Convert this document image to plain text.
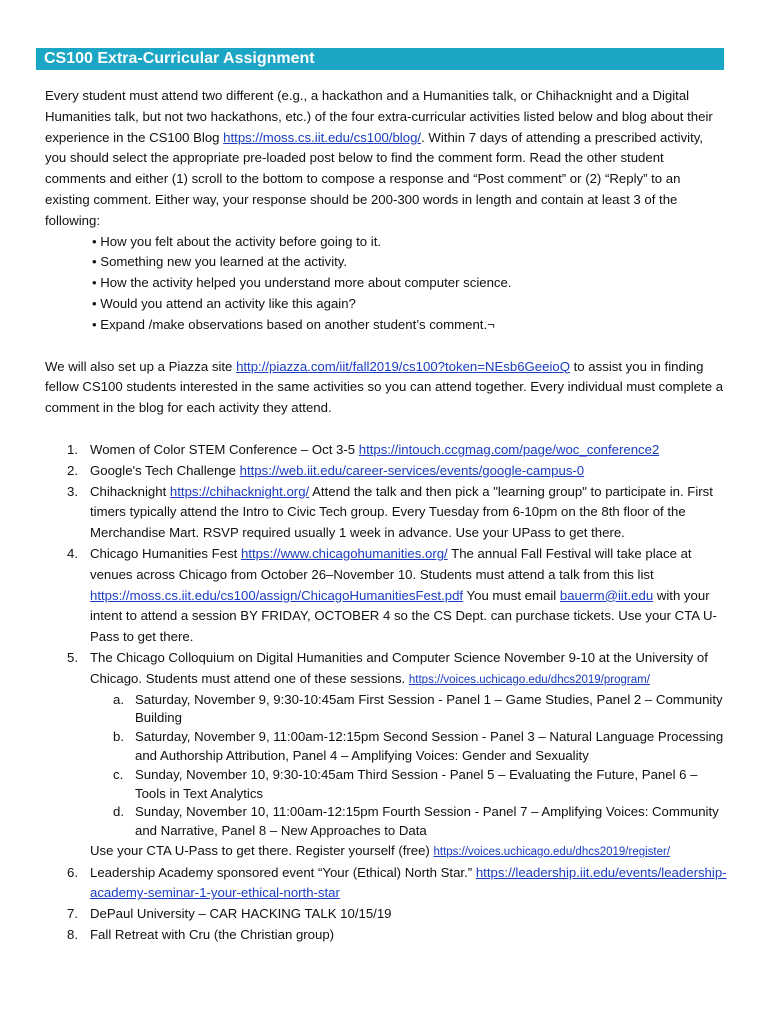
CS100 Extra-Curricular Assignment

Every student must attend two different (e.g., a hackathon and a Humanities talk, or Chihacknight and a Digital Humanities talk, but not two hackathons, etc.) of the four extra-curricular activities listed below and blog about their experience in the CS100 Blog https://moss.cs.iit.edu/cs100/blog/. Within 7 days of attending a prescribed activity, you should select the appropriate pre-loaded post below to find the comment form. Read the other student comments and either (1) scroll to the bottom to compose a response and “Post comment” or (2) “Reply” to an existing comment. Either way, your response should be 200-300 words in length and contain at least 3 of the following:

• How you felt about the activity before going to it.
• Something new you learned at the activity.
• How the activity helped you understand more about computer science.
• Would you attend an activity like this again?
• Expand /make observations based on another student’s comment.¬

We will also set up a Piazza site http://piazza.com/iit/fall2019/cs100?token=NEsb6GeeioQ to assist you in finding fellow CS100 students interested in the same activities so you can attend together. Every individual must complete a comment in the blog for each activity they attend.

1. Women of Color STEM Conference – Oct 3-5 https://intouch.ccgmag.com/page/woc_conference2
2. Google's Tech Challenge https://web.iit.edu/career-services/events/google-campus-0
3. Chihacknight https://chihacknight.org/ Attend the talk and then pick a "learning group" to participate in. First timers typically attend the Intro to Civic Tech group. Every Tuesday from 6-10pm on the 8th floor of the Merchandise Mart. RSVP required usually 1 week in advance. Use your UPass to get there.
4. Chicago Humanities Fest https://www.chicagohumanities.org/ The annual Fall Festival will take place at venues across Chicago from October 26–November 10. Students must attend a talk from this list https://moss.cs.iit.edu/cs100/assign/ChicagoHumanitiesFest.pdf You must email bauerm@iit.edu with your intent to attend a session BY FRIDAY, OCTOBER 4 so the CS Dept. can purchase tickets. Use your CTA U-Pass to get there.
5. The Chicago Colloquium on Digital Humanities and Computer Science November 9-10 at the University of Chicago. Students must attend one of these sessions. https://voices.uchicago.edu/dhcs2019/program/
a. Saturday, November 9, 9:30-10:45am First Session - Panel 1 – Game Studies, Panel 2 – Community Building
b. Saturday, November 9, 11:00am-12:15pm Second Session - Panel 3 – Natural Language Processing and Authorship Attribution, Panel 4 – Amplifying Voices: Gender and Sexuality
c. Sunday, November 10, 9:30-10:45am Third Session - Panel 5 – Evaluating the Future, Panel 6 – Tools in Text Analytics
d. Sunday, November 10, 11:00am-12:15pm Fourth Session - Panel 7 – Amplifying Voices: Community and Narrative, Panel 8 – New Approaches to Data
Use your CTA U-Pass to get there. Register yourself (free) https://voices.uchicago.edu/dhcs2019/register/
6. Leadership Academy sponsored event “Your (Ethical) North Star.” https://leadership.iit.edu/events/leadership-academy-seminar-1-your-ethical-north-star
7. DePaul University – CAR HACKING TALK 10/15/19
8. Fall Retreat with Cru (the Christian group)
